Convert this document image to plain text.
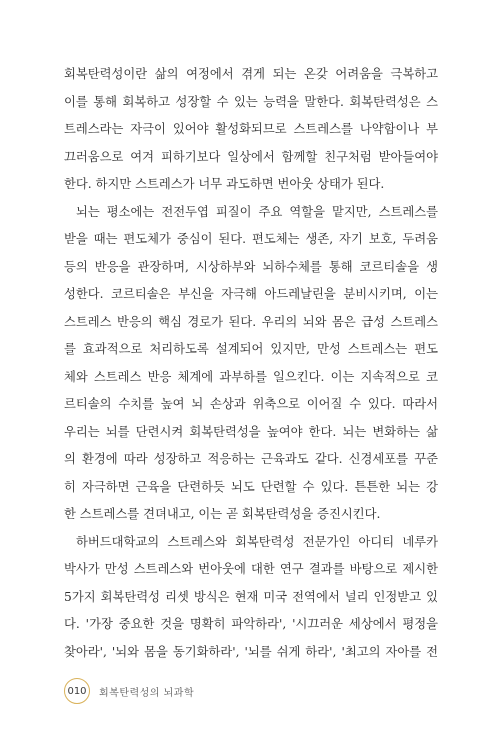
회복탄력성이란 삶의 여정에서 겪게 되는 온갖 어려움을 극복하고
이를 통해 회복하고 성장할 수 있는 능력을 말한다. 회복탄력성은 스
트레스라는 자극이 있어야 활성화되므로 스트레스를 나약함이나 부
끄러움으로 여겨 피하기보다 일상에서 함께할 친구처럼 받아들여야
한다. 하지만 스트레스가 너무 과도하면 번아웃 상태가 된다.
뇌는 평소에는 전전두엽 피질이 주요 역할을 맡지만, 스트레스를
받을 때는 편도체가 중심이 된다. 편도체는 생존, 자기 보호, 두려움
등의 반응을 관장하며, 시상하부와 뇌하수체를 통해 코르티솔을 생
성한다. 코르티솔은 부신을 자극해 아드레날린을 분비시키며, 이는
스트레스 반응의 핵심 경로가 된다. 우리의 뇌와 몸은 급성 스트레스
를 효과적으로 처리하도록 설계되어 있지만, 만성 스트레스는 편도
체와 스트레스 반응 체계에 과부하를 일으킨다. 이는 지속적으로 코
르티솔의 수치를 높여 뇌 손상과 위축으로 이어질 수 있다. 따라서
우리는 뇌를 단련시켜 회복탄력성을 높여야 한다. 뇌는 변화하는 삶
의 환경에 따라 성장하고 적응하는 근육과도 같다. 신경세포를 꾸준
히 자극하면 근육을 단련하듯 뇌도 단련할 수 있다. 튼튼한 뇌는 강
한 스트레스를 견뎌내고, 이는 곧 회복탄력성을 증진시킨다.
하버드대학교의 스트레스와 회복탄력성 전문가인 아디티 네루카
박사가 만성 스트레스와 번아웃에 대한 연구 결과를 바탕으로 제시한
5가지 회복탄력성 리셋 방식은 현재 미국 전역에서 널리 인정받고 있
다. '가장 중요한 것을 명확히 파악하라', '시끄러운 세상에서 평정을
찾아라', '뇌와 몸을 동기화하라', '뇌를 쉬게 하라', '최고의 자아를 전
010 회복탄력성의 뇌과학
